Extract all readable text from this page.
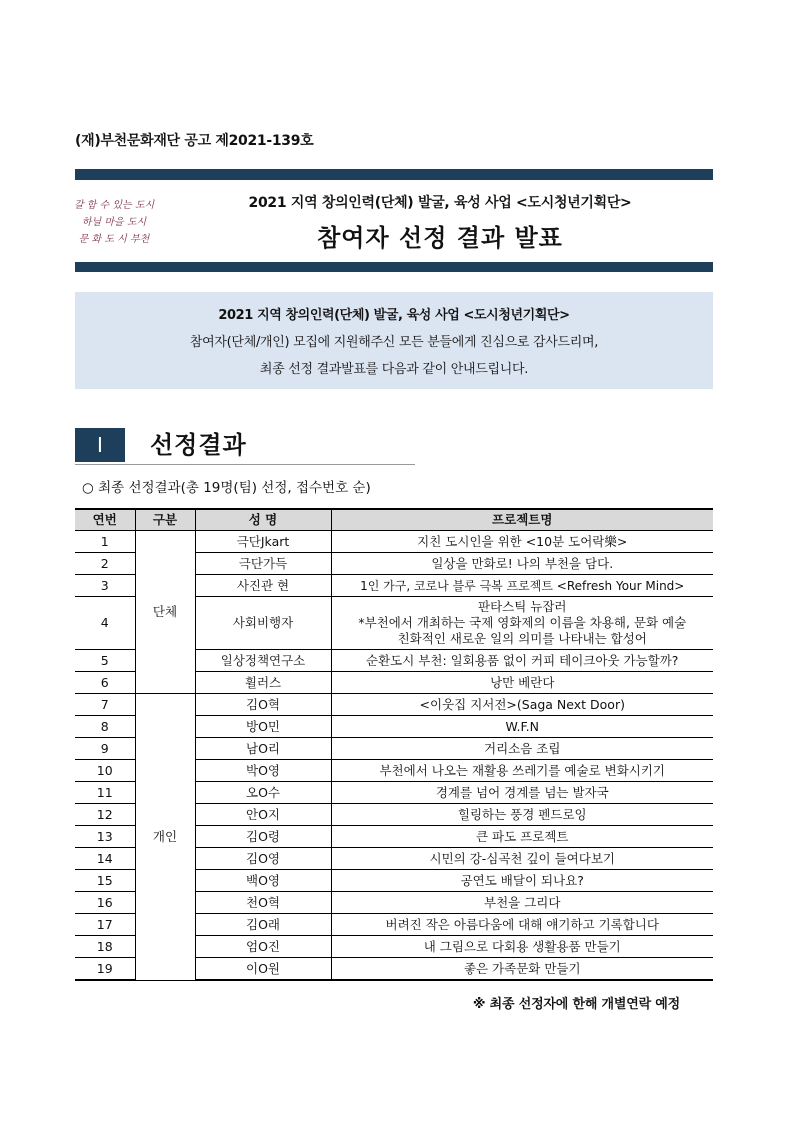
(재)부천문화재단 공고 제2021-139호
갈 함 수 있는 도시
하닐 마을 도시
문 화 도 시 부천
2021 지역 창의인력(단체) 발굴, 육성 사업 <도시청년기획단>
참여자 선정 결과 발표
2021 지역 창의인력(단체) 발굴, 육성 사업 <도시청년기획단>
참여자(단체/개인) 모집에 지원해주신 모든 분들에게 진심으로 감사드리며,
최종 선정 결과발표를 다음과 같이 안내드립니다.
I	선정결과
○ 최종 선정결과(총 19명(팀) 선정, 접수번호 순)
연번	구분	성 명	프로젝트명
1	단체	극단Jkart	지친 도시인을 위한 <10분 도어락樂>
2		극단가득	일상을 만화로! 나의 부천을 담다.
3		사진관 현	1인 가구, 코로나 블루 극복 프로젝트 <Refresh Your Mind>
4		사회비행자	판타스틱 뉴잡러
*부천에서 개최하는 국제 영화제의 이름을 차용해, 문화 예술
친화적인 새로운 일의 의미를 나타내는 합성어

5		일상정책연구소	순환도시 부천: 일회용품 없이 커피 테이크아웃 가능할까?
6		휠러스	낭만 베란다
7	개인	김O혁	<이웃집 지서전>(Saga Next Door)
8		방O민	W.F.N
9		남O리	거리소음 조립
10		박O영	부천에서 나오는 재활용 쓰레기를 예술로 변화시키기
11		오O수	경계를 넘어 경계를 넘는 발자국
12		안O지	힐링하는 풍경 펜드로잉
13		김O령	큰 파도 프로젝트
14		김O영	시민의 강-심곡천 깊이 들여다보기
15		백O영	공연도 배달이 되나요?
16		천O혁	부천을 그리다
17		김O래	버려진 작은 아름다움에 대해 얘기하고 기록합니다
18		엄O진	내 그림으로 다회용 생활용품 만들기
19		이O원	좋은 가족문화 만들기
※ 최종 선정자에 한해 개별연락 예정
